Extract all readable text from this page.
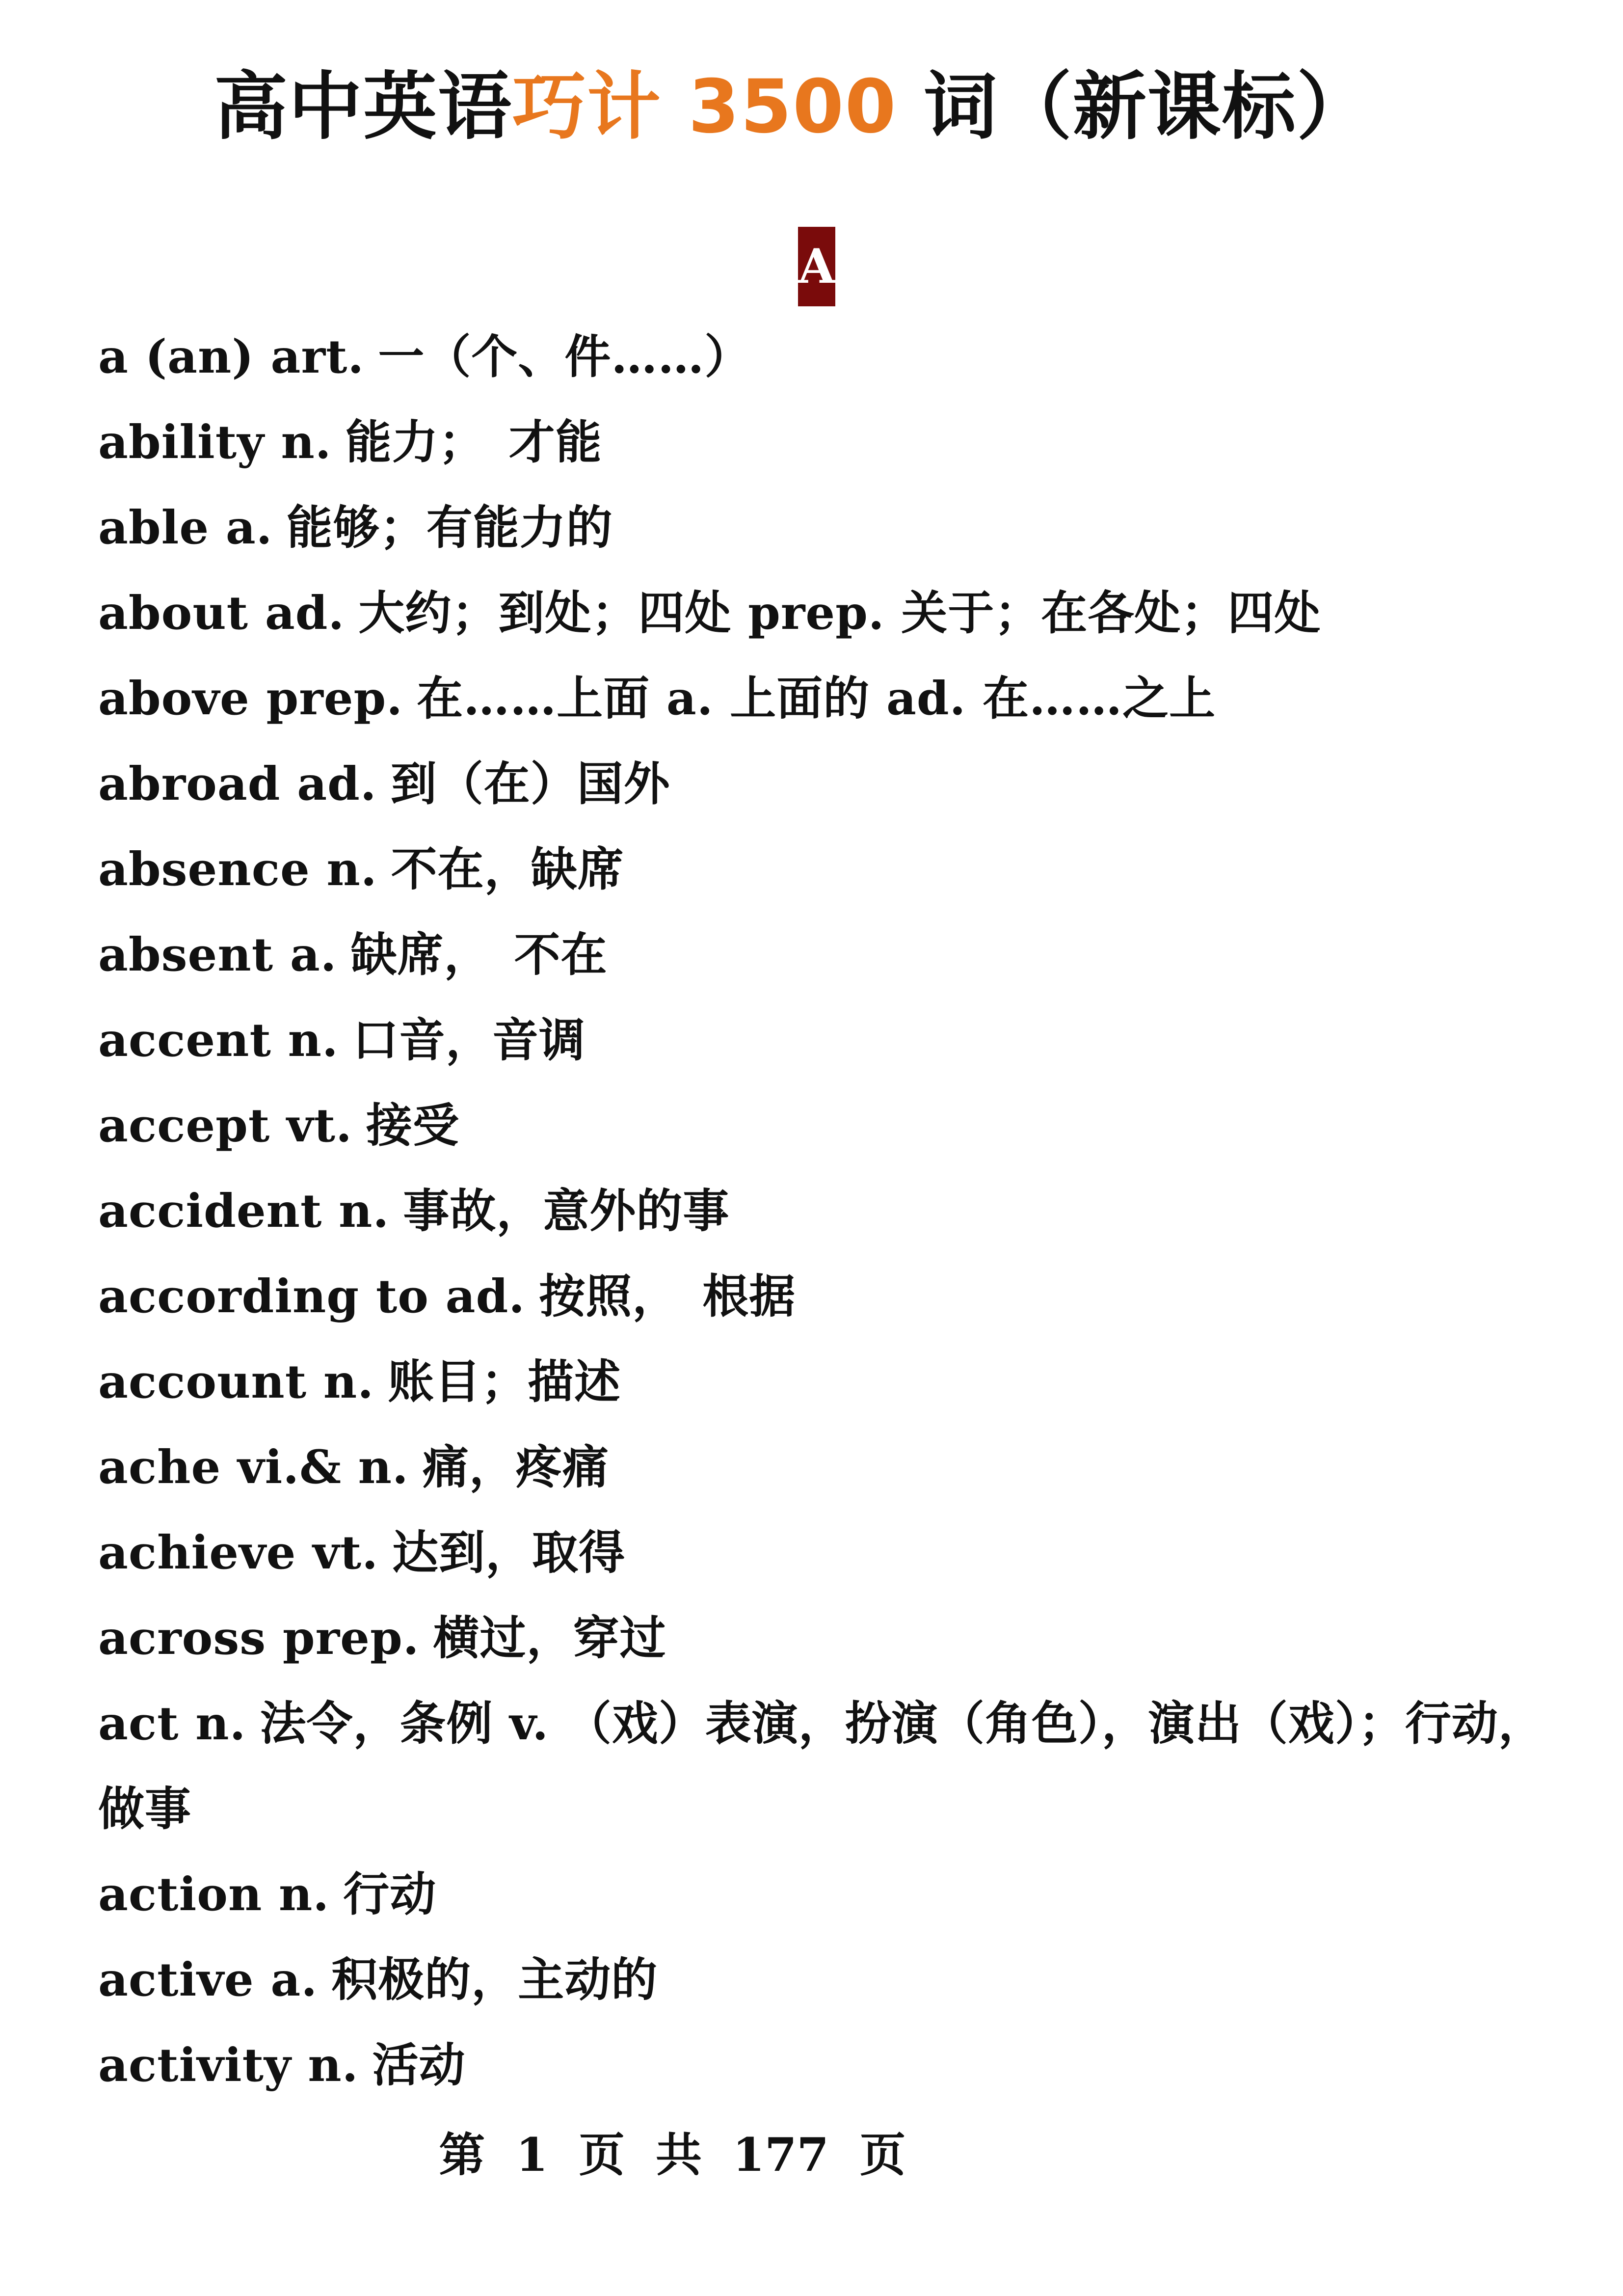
高中英语巧计 3500 词（新课标）
A
a (an) art. 一（个、件……）
ability n. 能力；　才能
able a. 能够；有能力的
about ad. 大约；到处；四处 prep. 关于；在各处；四处
above prep. 在……上面 a. 上面的 ad. 在……之上
abroad ad. 到（在）国外
absence n. 不在，缺席
absent a. 缺席，　不在
accent n. 口音，音调
accept vt. 接受
accident n. 事故，意外的事
according to ad. 按照，　根据
account n. 账目；描述
ache vi.& n. 痛，疼痛
achieve vt. 达到，取得
across prep. 横过，穿过
act n. 法令，条例 v. （戏）表演，扮演（角色），演出（戏）；行动，做事
action n. 行动
active a. 积极的，主动的
activity n. 活动
第 1 页 共 177 页
